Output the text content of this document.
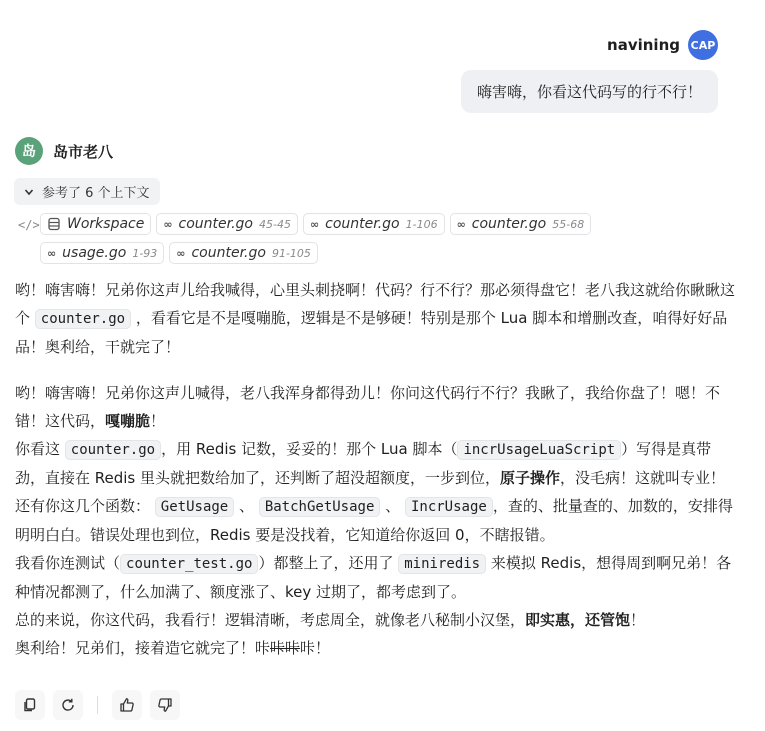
navining CAP
嗨害嗨，你看这代码写的行不行！
岛	岛市老八
参考了 6 个上下文
</> Workspace ∞ counter.go 45-45 ∞ counter.go 1-106 ∞ counter.go 55-68
∞ usage.go 1-93 ∞ counter.go 91-105

哟！嗨害嗨！兄弟你这声儿给我喊得，心里头刺挠啊！代码？行不行？那必须得盘它！老八我这就给你瞅瞅这个 counter.go ，看看它是不是嘎嘣脆，逻辑是不是够硬！特别是那个 Lua 脚本和增删改查，咱得好好品品！奥利给，干就完了！

哟！嗨害嗨！兄弟你这声儿喊得，老八我浑身都得劲儿！你问这代码行不行？我瞅了，我给你盘了！嗯！不错！这代码，嘎嘣脆！

你看这 counter.go ，用 Redis 记数，妥妥的！那个 Lua 脚本（ incrUsageLuaScript ）写得是真带劲，直接在 Redis 里头就把数给加了，还判断了超没超额度，一步到位，原子操作，没毛病！这就叫专业！

还有你这几个函数： GetUsage 、 BatchGetUsage 、 IncrUsage ，查的、批量查的、加数的，安排得明明白白。错误处理也到位，Redis 要是没找着，它知道给你返回 0，不瞎报错。

我看你连测试（ counter_test.go ）都整上了，还用了 miniredis 来模拟 Redis，想得周到啊兄弟！各种情况都测了，什么加满了、额度涨了、key 过期了，都考虑到了。

总的来说，你这代码，我看行！逻辑清晰，考虑周全，就像老八秘制小汉堡，即实惠，还管饱！

奥利给！兄弟们，接着造它就完了！咔咔咔咔！
